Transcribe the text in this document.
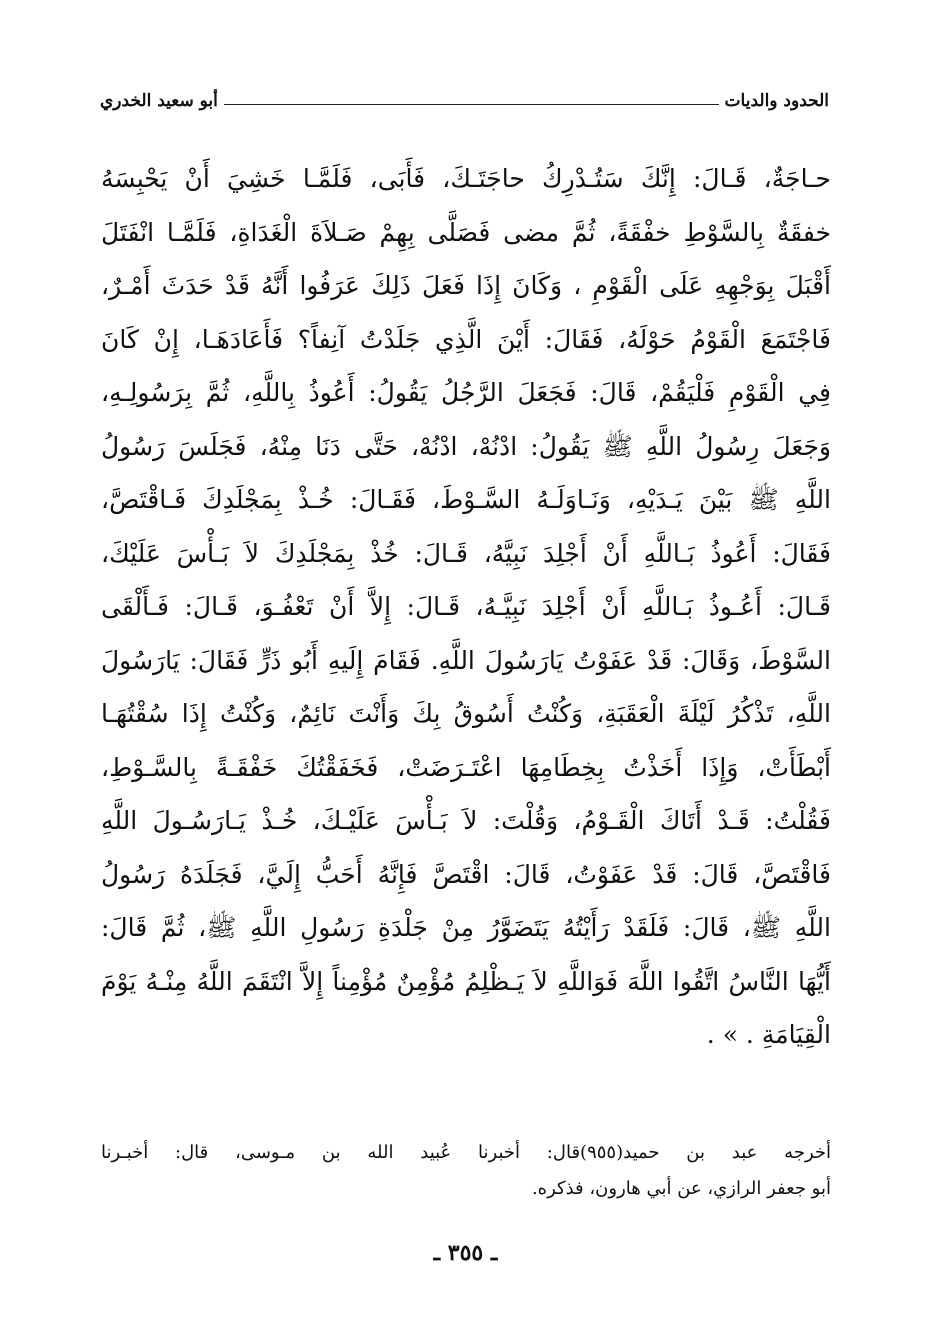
الحدود والديات
أبو سعيد الخدري
حـاجَةٌ، قَـالَ: إِنَّكَ سَتُـدْرِكُ حاجَتَـكَ، فَأَبَى، فَلَمَّـا خَشِيَ أَنْ يَحْبِسَهُ
خفقَةٌ بِالسَّوْطِ خفْقَةً، ثُمَّ مضى فَصَلَّى بِهِمْ صَـلاَةَ الْغَدَاةِ، فَلَمَّـا انْفَتَلَ
أَقْبَلَ بِوَجْهِهِ عَلَى الْقَوْمِ ، وَكَانَ إِذَا فَعَلَ ذَلِكَ عَرَفُوا أَنَّهُ قَدْ حَدَثَ أَمْـرٌ،
فَاجْتَمَعَ الْقَوْمُ حَوْلَهُ، فَقَالَ: أَيْنَ الَّذِي جَلَدْتُ آنِفاً؟ فَأَعَادَهَـا، إِنْ كَانَ
فِي الْقَوْمِ فَلْيَقُمْ، قَالَ: فَجَعَلَ الرَّجُلُ يَقُولُ: أَعُوذُ بِاللَّهِ، ثُمَّ بِرَسُولِـهِ،
وَجَعَلَ رِسُولُ اللَّهِ ﷺ يَقُولُ: ادْنُهْ، ادْنُهْ، حَتَّى دَنَا مِنْهُ، فَجَلَسَ رَسُولُ
اللَّهِ ﷺ بَيْنَ يَـدَيْهِ، وَنَـاوَلَـهُ السَّـوْطَ، فَقَـالَ: خُـذْ بِمَجْلَدِكَ فَـاقْتَصَّ،
فَقَالَ: أَعُوذُ بَـاللَّهِ أَنْ أَجْلِدَ نَبِيَّهُ، قَـالَ: خُذْ بِمَجْلَدِكَ لاَ بَـأْسَ عَلَيْكَ،
قَـالَ: أَعُـوذُ بَـاللَّهِ أَنْ أَجْلِدَ نَبِيَّـهُ، قَـالَ: إِلاَّ أَنْ تَعْفُـوَ، قَـالَ: فَـأَلْقَى
السَّوْطَ، وَقَالَ: قَدْ عَفَوْتُ يَارَسُولَ اللَّهِ. فَقَامَ إِلَيهِ أَبُو ذَرٍّ فَقَالَ: يَارَسُولَ
اللَّهِ، تَذْكُرُ لَيْلَةَ الْعَقَبَةِ، وَكُنْتُ أَسُوقُ بِكَ وَأَنْتَ نَائِمٌ، وَكُنْتُ إِذَا سُقْتُهَـا
أَبْطَأَتْ، وَإِذَا أَخَذْتُ بِخِطَامِهَا اعْتَـرَضَتْ، فَخَفَقْتُكَ خَفْقَـةً بِالسَّـوْطِ،
فَقُلْتُ: قَـدْ أَتَاكَ الْقَـوْمُ، وَقُلْتَ: لاَ بَـأْسَ عَلَيْـكَ، خُـذْ يَـارَسُـولَ اللَّهِ
فَاقْتَصَّ، قَالَ: قَدْ عَفَوْتُ، قَالَ: اقْتَصَّ فَإِنَّهُ أَحَبُّ إِلَيَّ، فَجَلَدَهُ رَسُولُ
اللَّهِ ﷺ، قَالَ: فَلَقَدْ رَأَيْتُهُ يَتَضَوَّرُ مِنْ جَلْدَةِ رَسُولِ اللَّهِ ﷺ، ثُمَّ قَالَ:
أَيُّهَا النَّاسُ اتَّقُوا اللَّهَ فَوَاللَّهِ لاَ يَـظْلِمُ مُؤْمِنٌ مُؤْمِناً إِلاَّ انْتَقَمَ اللَّهُ مِنْـهُ يَوْمَ
الْقِيَامَةِ . » .
أخرجه عبد بن حميد(٩٥٥)قال: أخبرنا عُبيد الله بن مـوسى، قال: أخبـرنا
أبو جعفر الرازي، عن أبي هارون، فذكره.
ـ ٣٥٥ ـ
